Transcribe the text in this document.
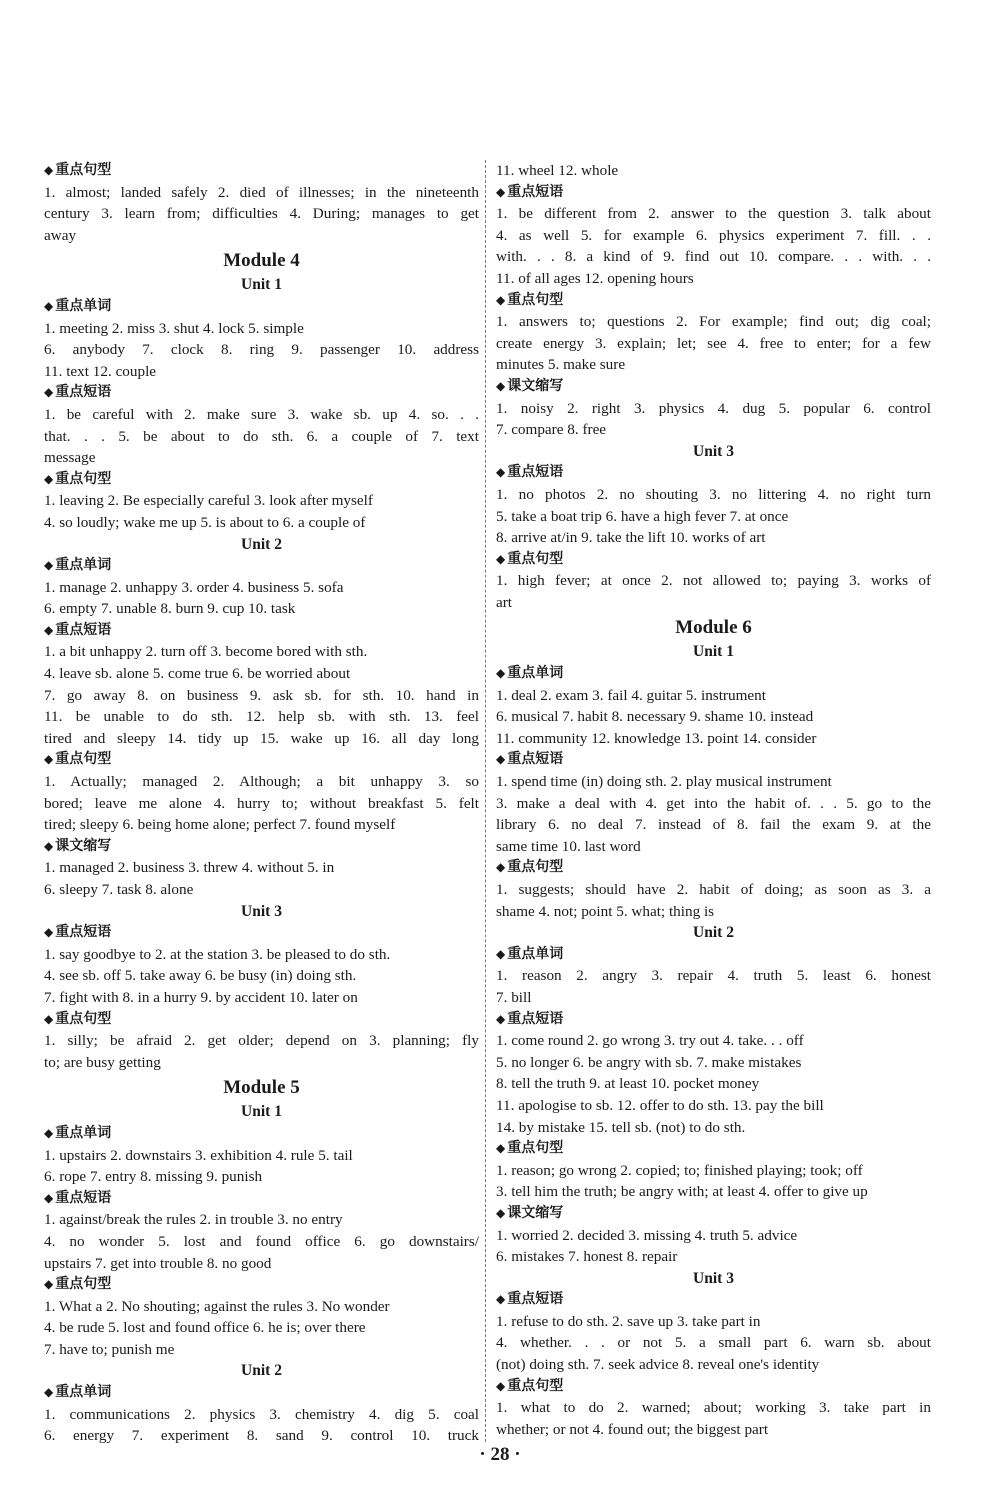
◆ 重点句型
1. almost; landed safely 2. died of illnesses; in the nineteenth
century 3. learn from; difficulties 4. During; manages to get
away
Module 4
Unit 1
◆ 重点单词
1. meeting 2. miss 3. shut 4. lock 5. simple
6. anybody 7. clock 8. ring 9. passenger 10. address
11. text 12. couple
◆ 重点短语
1. be careful with 2. make sure 3. wake sb. up 4. so. . .
that. . . 5. be about to do sth. 6. a couple of 7. text
message
◆ 重点句型
1. leaving 2. Be especially careful 3. look after myself
4. so loudly; wake me up 5. is about to 6. a couple of
Unit 2
◆ 重点单词
1. manage 2. unhappy 3. order 4. business 5. sofa
6. empty 7. unable 8. burn 9. cup 10. task
◆ 重点短语
1. a bit unhappy 2. turn off 3. become bored with sth.
4. leave sb. alone 5. come true 6. be worried about
7. go away 8. on business 9. ask sb. for sth. 10. hand in
11. be unable to do sth. 12. help sb. with sth. 13. feel
tired and sleepy 14. tidy up 15. wake up 16. all day long
◆ 重点句型
1. Actually; managed 2. Although; a bit unhappy 3. so
bored; leave me alone 4. hurry to; without breakfast 5. felt
tired; sleepy 6. being home alone; perfect 7. found myself
◆ 课文缩写
1. managed 2. business 3. threw 4. without 5. in
6. sleepy 7. task 8. alone
Unit 3
◆ 重点短语
1. say goodbye to 2. at the station 3. be pleased to do sth.
4. see sb. off 5. take away 6. be busy (in) doing sth.
7. fight with 8. in a hurry 9. by accident 10. later on
◆ 重点句型
1. silly; be afraid 2. get older; depend on 3. planning; fly
to; are busy getting
Module 5
Unit 1
◆ 重点单词
1. upstairs 2. downstairs 3. exhibition 4. rule 5. tail
6. rope 7. entry 8. missing 9. punish
◆ 重点短语
1. against/break the rules 2. in trouble 3. no entry
4. no wonder 5. lost and found office 6. go downstairs/
upstairs 7. get into trouble 8. no good
◆ 重点句型
1. What a 2. No shouting; against the rules 3. No wonder
4. be rude 5. lost and found office 6. he is; over there
7. have to; punish me
Unit 2
◆ 重点单词
1. communications 2. physics 3. chemistry 4. dig 5. coal
6. energy 7. experiment 8. sand 9. control 10. truck
11. wheel 12. whole
◆ 重点短语
1. be different from 2. answer to the question 3. talk about
4. as well 5. for example 6. physics experiment 7. fill. . .
with. . . 8. a kind of 9. find out 10. compare. . . with. . .
11. of all ages 12. opening hours
◆ 重点句型
1. answers to; questions 2. For example; find out; dig coal;
create energy 3. explain; let; see 4. free to enter; for a few
minutes 5. make sure
◆ 课文缩写
1. noisy 2. right 3. physics 4. dug 5. popular 6. control
7. compare 8. free
Unit 3
◆ 重点短语
1. no photos 2. no shouting 3. no littering 4. no right turn
5. take a boat trip 6. have a high fever 7. at once
8. arrive at/in 9. take the lift 10. works of art
◆ 重点句型
1. high fever; at once 2. not allowed to; paying 3. works of
art
Module 6
Unit 1
◆ 重点单词
1. deal 2. exam 3. fail 4. guitar 5. instrument
6. musical 7. habit 8. necessary 9. shame 10. instead
11. community 12. knowledge 13. point 14. consider
◆ 重点短语
1. spend time (in) doing sth. 2. play musical instrument
3. make a deal with 4. get into the habit of. . . 5. go to the
library 6. no deal 7. instead of 8. fail the exam 9. at the
same time 10. last word
◆ 重点句型
1. suggests; should have 2. habit of doing; as soon as 3. a
shame 4. not; point 5. what; thing is
Unit 2
◆ 重点单词
1. reason 2. angry 3. repair 4. truth 5. least 6. honest
7. bill
◆ 重点短语
1. come round 2. go wrong 3. try out 4. take. . . off
5. no longer 6. be angry with sb. 7. make mistakes
8. tell the truth 9. at least 10. pocket money
11. apologise to sb. 12. offer to do sth. 13. pay the bill
14. by mistake 15. tell sb. (not) to do sth.
◆ 重点句型
1. reason; go wrong 2. copied; to; finished playing; took; off
3. tell him the truth; be angry with; at least 4. offer to give up
◆ 课文缩写
1. worried 2. decided 3. missing 4. truth 5. advice
6. mistakes 7. honest 8. repair
Unit 3
◆ 重点短语
1. refuse to do sth. 2. save up 3. take part in
4. whether. . . or not 5. a small part 6. warn sb. about
(not) doing sth. 7. seek advice 8. reveal one's identity
◆ 重点句型
1. what to do 2. warned; about; working 3. take part in
whether; or not 4. found out; the biggest part
· 28 ·
